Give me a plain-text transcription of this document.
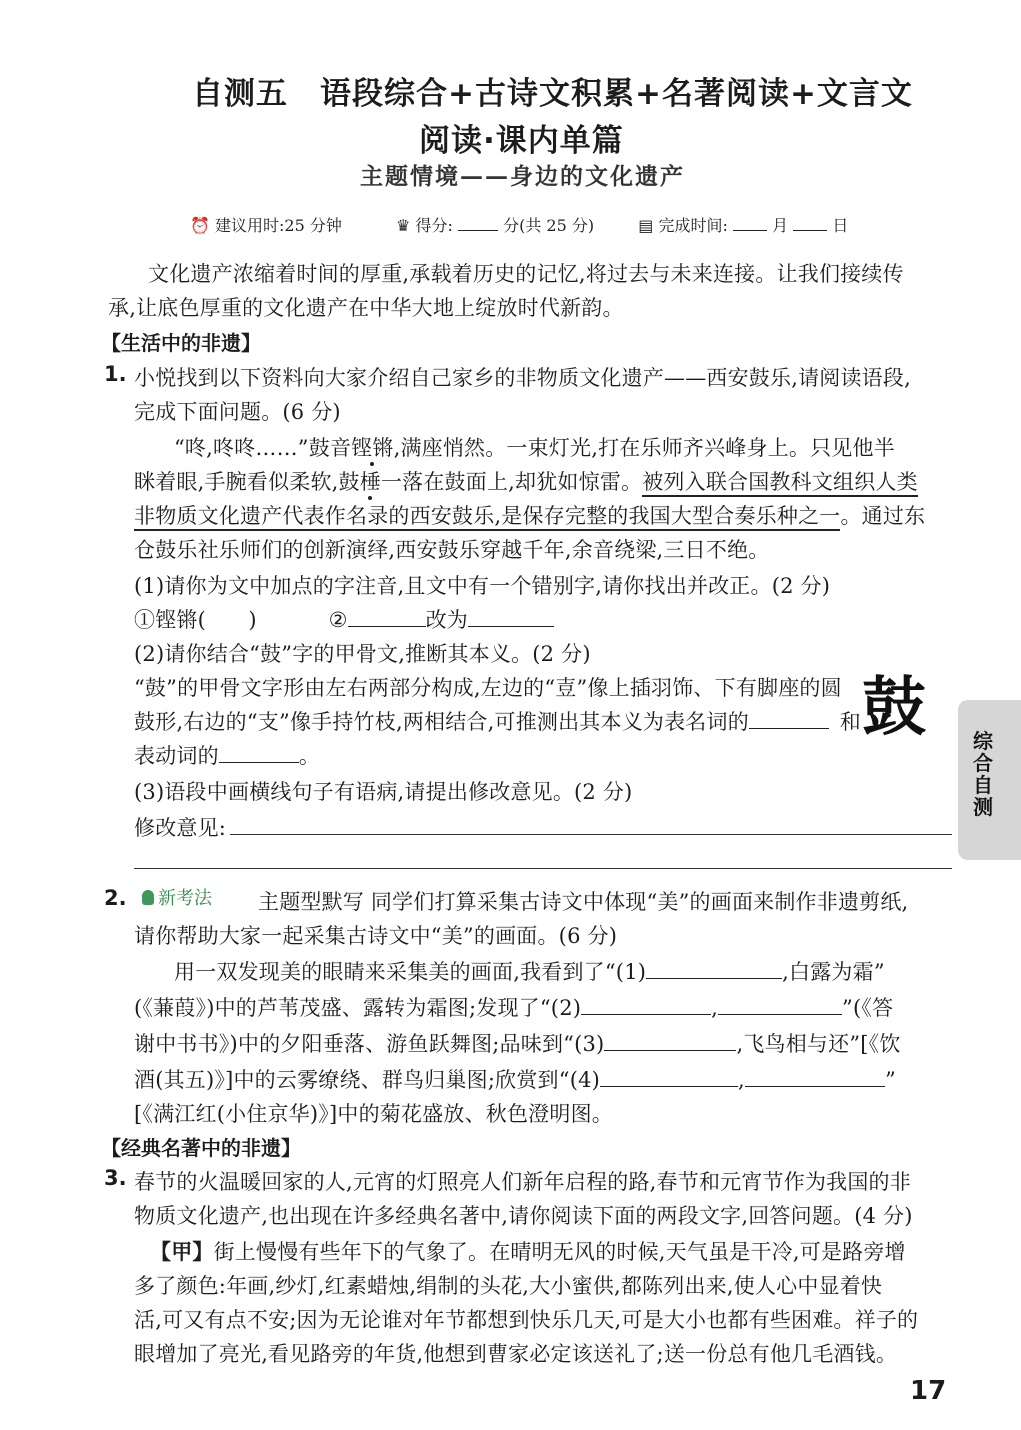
自测五　语段综合+古诗文积累+名著阅读+文言文
阅读·课内单篇
主题情境——身边的文化遗产
⏰ 建议用时:25 分钟	♛ 得分:	分(共 25 分)	▤ 完成时间:	月	日
文化遗产浓缩着时间的厚重,承载着历史的记忆,将过去与未来连接。让我们接续传
承,让底色厚重的文化遗产在中华大地上绽放时代新韵。
【生活中的非遗】
1. 小悦找到以下资料向大家介绍自己家乡的非物质文化遗产——西安鼓乐,请阅读语段,
完成下面问题。(6 分)
“咚,咚咚……”鼓音铿锵,满座悄然。一束灯光,打在乐师齐兴峰身上。只见他半
眯着眼,手腕看似柔软,鼓棰一落在鼓面上,却犹如惊雷。被列入联合国教科文组织人类
非物质文化遗产代表作名录的西安鼓乐,是保存完整的我国大型合奏乐种之一。通过东
仓鼓乐社乐师们的创新演绎,西安鼓乐穿越千年,余音绕梁,三日不绝。
(1)请你为文中加点的字注音,且文中有一个错别字,请你找出并改正。(2 分)
①铿锵(　　)	②	改为
(2)请你结合“鼓”字的甲骨文,推断其本义。(2 分)
“鼓”的甲骨文字形由左右两部分构成,左边的“壴”像上插羽饰、下有脚座的圆
鼓形,右边的“支”像手持竹枝,两相结合,可推测出其本义为表名词的	和
表动词的	。
鼓
(3)语段中画横线句子有语病,请提出修改意见。(2 分)
修改意见:
2. 新考法 主题型默写 同学们打算采集古诗文中体现“美”的画面来制作非遗剪纸,
请你帮助大家一起采集古诗文中“美”的画面。(6 分)
用一双发现美的眼睛来采集美的画面,我看到了“(1)	,白露为霜”
(《蒹葭》)中的芦苇茂盛、露转为霜图;发现了“(2)	,	”(《答
谢中书书》)中的夕阳垂落、游鱼跃舞图;品味到“(3)	,飞鸟相与还”[《饮
酒(其五)》]中的云雾缭绕、群鸟归巢图;欣赏到“(4)	,	”
[《满江红(小住京华)》]中的菊花盛放、秋色澄明图。
【经典名著中的非遗】
3. 春节的火温暖回家的人,元宵的灯照亮人们新年启程的路,春节和元宵节作为我国的非
物质文化遗产,也出现在许多经典名著中,请你阅读下面的两段文字,回答问题。(4 分)
【甲】街上慢慢有些年下的气象了。在晴明无风的时候,天气虽是干冷,可是路旁增
多了颜色:年画,纱灯,红素蜡烛,绢制的头花,大小蜜供,都陈列出来,使人心中显着快
活,可又有点不安;因为无论谁对年节都想到快乐几天,可是大小也都有些困难。祥子的
眼增加了亮光,看见路旁的年货,他想到曹家必定该送礼了;送一份总有他几毛酒钱。
综合自测
17
